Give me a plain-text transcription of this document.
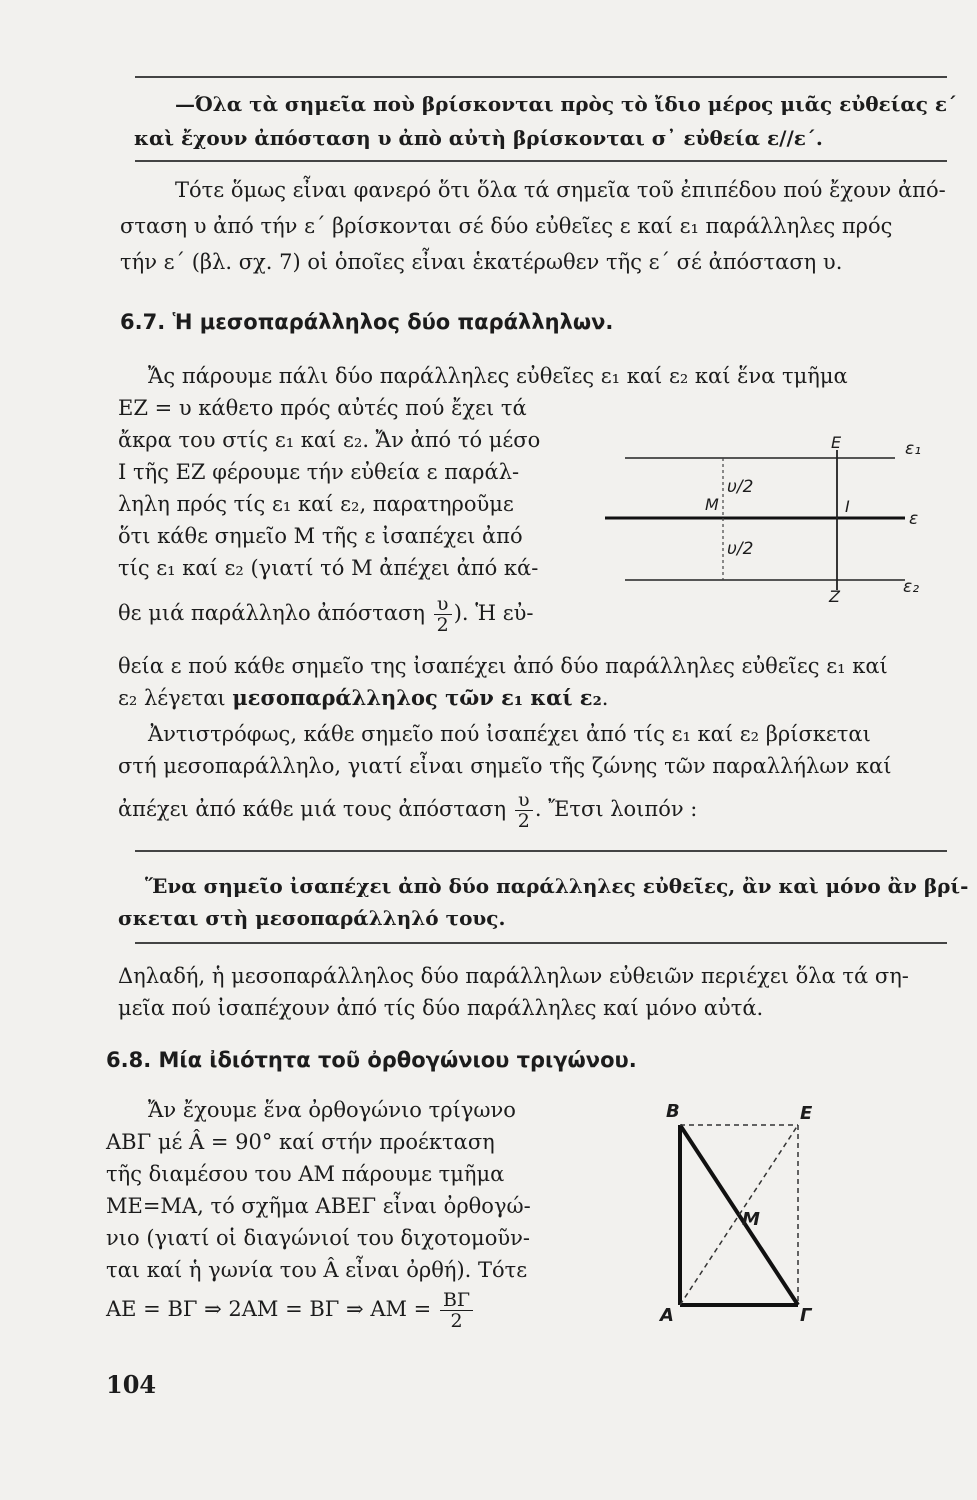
—Όλα τὰ σημεῖα ποὺ βρίσκονται πρὸς τὸ ἴδιο μέρος μιᾶς εὐθείας ε΄
καὶ ἔχουν ἀπόσταση υ ἀπὸ αὐτὴ βρίσκονται σ᾽ εὐθεία ε//ε΄.
Τότε ὅμως εἶναι φανερό ὅτι ὅλα τά σημεῖα τοῦ ἐπιπέδου πού ἔχουν ἀπό-
σταση υ ἀπό τήν ε΄ βρίσκονται σέ δύο εὐθεῖες ε καί ε₁ παράλληλες πρός
τήν ε΄ (βλ. σχ. 7) οἱ ὁποῖες εἶναι ἑκατέρωθεν τῆς ε΄ σέ ἀπόσταση υ.
6.7. Ἡ μεσοπαράλληλος δύο παράλληλων.
Ἄς πάρουμε πάλι δύο παράλληλες εὐθεῖες ε₁ καί ε₂ καί ἕνα τμῆμα
ΕΖ = υ κάθετο πρός αὐτές πού ἔχει τά
ἄκρα του στίς ε₁ καί ε₂. Ἄν ἀπό τό μέσο
Ι τῆς ΕΖ φέρουμε τήν εὐθεία ε παράλ-
ληλη πρός τίς ε₁ καί ε₂, παρατηροῦμε
ὅτι κάθε σημεῖο Μ τῆς ε ἰσαπέχει ἀπό
τίς ε₁ καί ε₂ (γιατί τό Μ ἀπέχει ἀπό κά-
θε μιά παράλληλο ἀπόσταση $\frac{\upsilon}{2}$ ). Ἡ εὐ-
θεία ε πού κάθε σημεῖο της ἰσαπέχει ἀπό δύο παράλληλες εὐθεῖες ε₁ καί
ε₂ λέγεται μεσοπαράλληλος τῶν ε₁ καί ε₂.
E	ε₁
υ/2
M	I
ε
υ/2
Z	ε₂
Ἀντιστρόφως, κάθε σημεῖο πού ἰσαπέχει ἀπό τίς ε₁ καί ε₂ βρίσκεται
στή μεσοπαράλληλο, γιατί εἶναι σημεῖο τῆς ζώνης τῶν παραλλήλων καί
ἀπέχει ἀπό κάθε μιά τους ἀπόσταση $\frac{\upsilon}{2}$ . Ἔτσι λοιπόν :
Ἕνα σημεῖο ἰσαπέχει ἀπὸ δύο παράλληλες εὐθεῖες, ἂν καὶ μόνο ἂν βρί-
σκεται στὴ μεσοπαράλληλό τους.
Δηλαδή, ἡ μεσοπαράλληλος δύο παράλληλων εὐθειῶν περιέχει ὅλα τά ση-
μεῖα πού ἰσαπέχουν ἀπό τίς δύο παράλληλες καί μόνο αὐτά.
6.8. Μία ἰδιότητα τοῦ ὀρθογώνιου τριγώνου.
Ἄν ἔχουμε ἕνα ὀρθογώνιο τρίγωνο
ΑΒΓ μέ Â = 90° καί στήν προέκταση
τῆς διαμέσου του ΑΜ πάρουμε τμῆμα
ΜΕ=ΜΑ, τό σχῆμα ΑΒΕΓ εἶναι ὀρθογώ-
νιο (γιατί οἱ διαγώνιοί του διχοτομοῦν-
ται καί ἡ γωνία του Â εἶναι ὀρθή). Τότε
ΑΕ = ΒΓ ⇒ 2ΑΜ = ΒΓ ⇒ $AM = \frac{B\Gamma}{2}$
B	E
M
A	Γ
104
